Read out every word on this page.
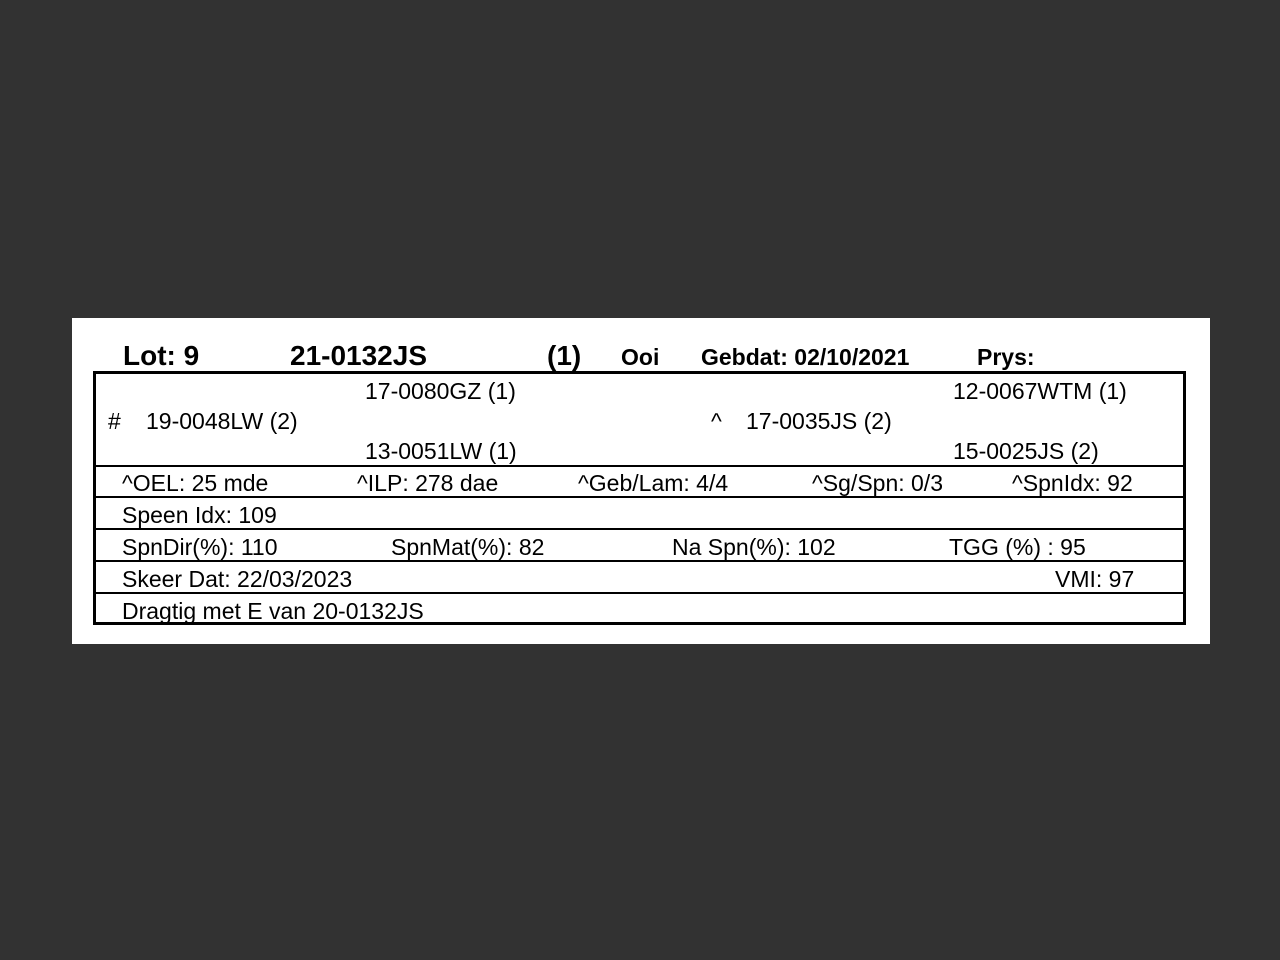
Lot: 9	21-0132JS	(1) Ooi Gebdat: 02/10/2021	Prys:
17-0080GZ (1)	12-0067WTM (1)
# 19-0048LW (2)	^ 17-0035JS (2)
13-0051LW (1)	15-0025JS (2)
^OEL: 25 mde	^ILP: 278 dae	^Geb/Lam: 4/4	^Sg/Spn: 0/3	^SpnIdx: 92
Speen Idx: 109
SpnDir(%): 110	SpnMat(%): 82	Na Spn(%): 102	TGG (%) : 95
Skeer Dat: 22/03/2023	VMI: 97
Dragtig met E van 20-0132JS
